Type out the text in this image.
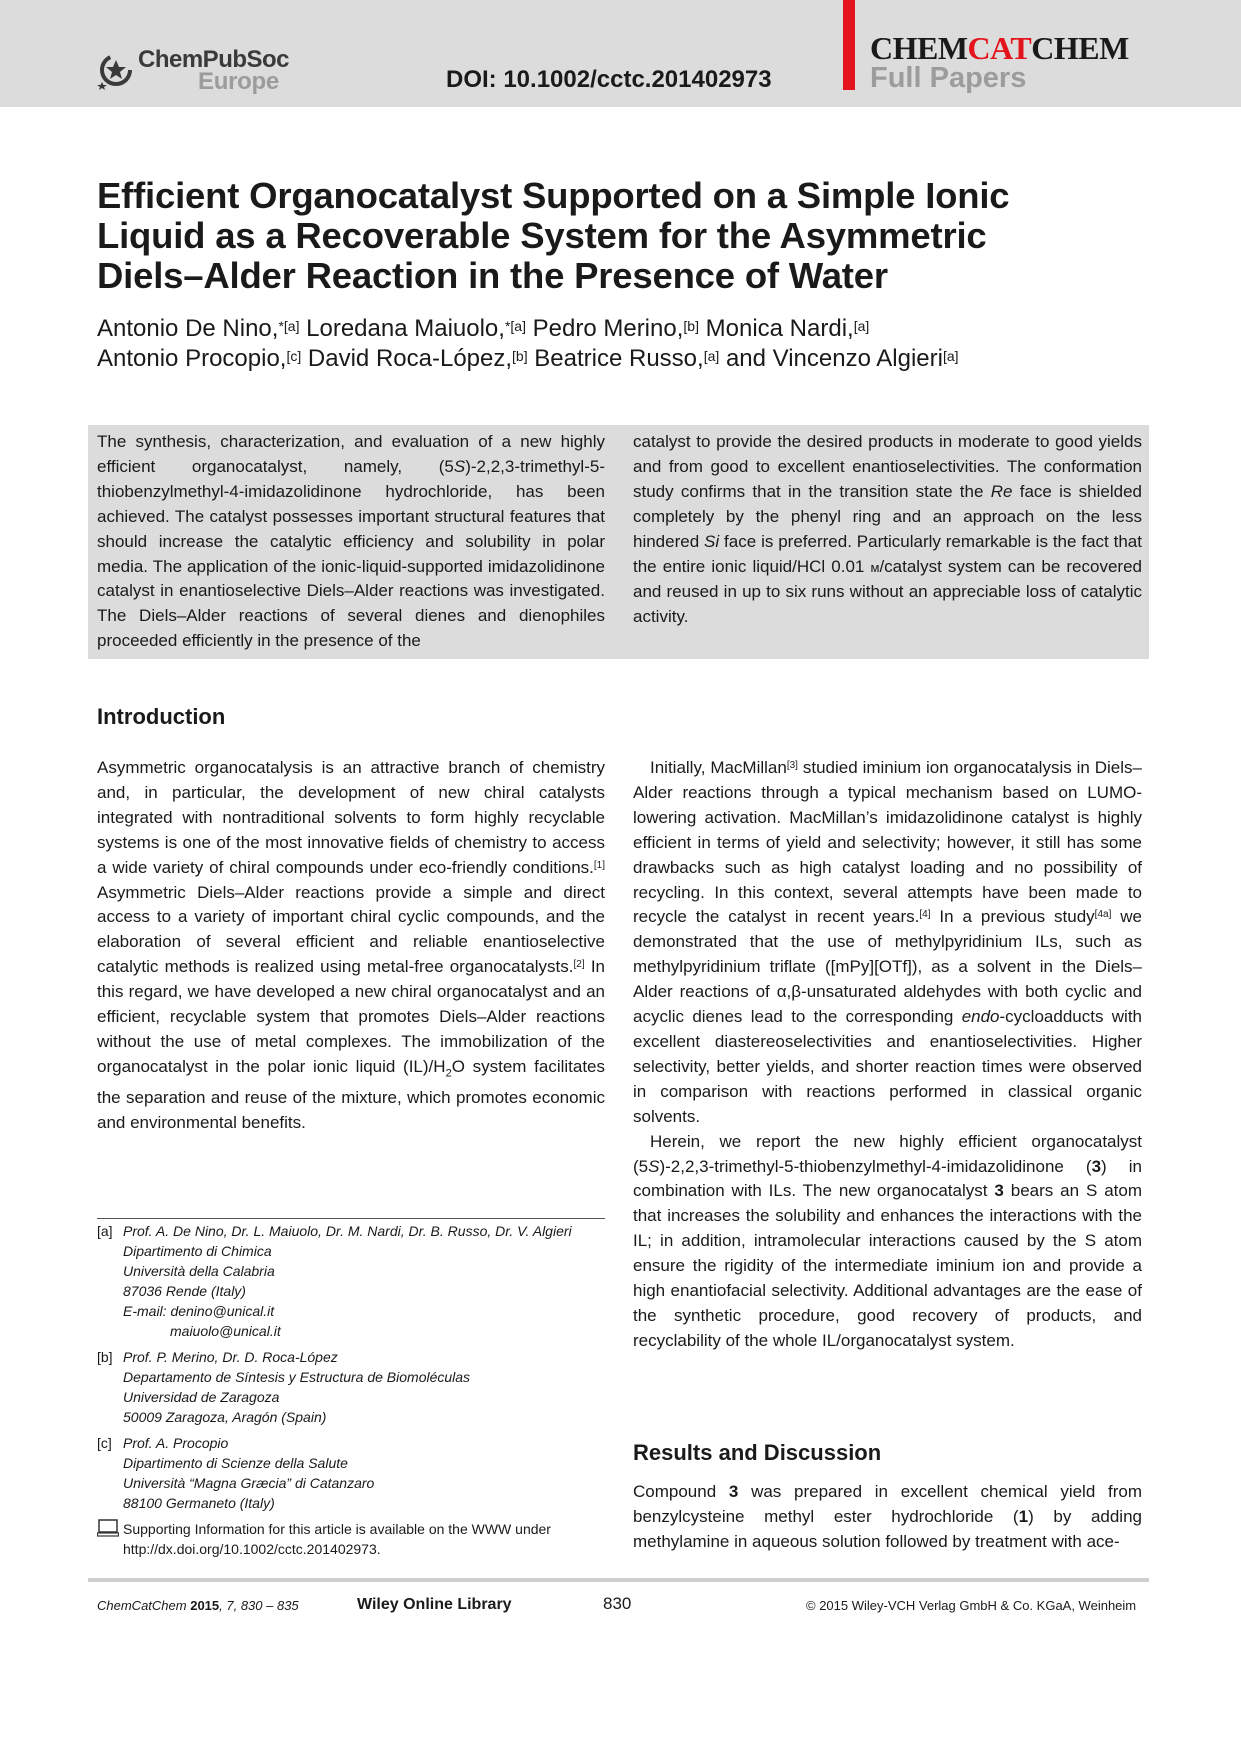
ChemPubSoc
Europe	DOI: 10.1002/cctc.201402973
CHEMCATCHEM
Full Papers
Efficient Organocatalyst Supported on a Simple Ionic
Liquid as a Recoverable System for the Asymmetric
Diels–Alder Reaction in the Presence of Water
Antonio De Nino,$^{*[a]}$ Loredana Maiuolo,$^{*[a]}$ Pedro Merino,[b] Monica Nardi,[a]
Antonio Procopio,[c] David Roca-López,[b] Beatrice Russo,[a] and Vincenzo Algieri[a]

The synthesis, characterization, and evaluation of a new highly efficient organocatalyst, namely, (5S)-2,2,3-trimethyl-5-thiobenzylmethyl-4-imidazolidinone hydrochloride, has been achieved. The catalyst possesses important structural features that should increase the catalytic efficiency and solubility in polar media. The application of the ionic-liquid-supported imidazolidinone catalyst in enantioselective Diels–Alder reactions was investigated. The Diels–Alder reactions of several dienes and dienophiles proceeded efficiently in the presence of the

catalyst to provide the desired products in moderate to good yields and from good to excellent enantioselectivities. The conformation study confirms that in the transition state the Re face is shielded completely by the phenyl ring and an approach on the less hindered Si face is preferred. Particularly remarkable is the fact that the entire ionic liquid/HCl 0.01 м/catalyst system can be recovered and reused in up to six runs without an appreciable loss of catalytic activity.

Introduction

Asymmetric organocatalysis is an attractive branch of chemistry and, in particular, the development of new chiral catalysts integrated with nontraditional solvents to form highly recyclable systems is one of the most innovative fields of chemistry to access a wide variety of chiral compounds under eco-friendly conditions.[1] Asymmetric Diels–Alder reactions provide a simple and direct access to a variety of important chiral cyclic compounds, and the elaboration of several efficient and reliable enantioselective catalytic methods is realized using metal-free organocatalysts.[2] In this regard, we have developed a new chiral organocatalyst and an efficient, recyclable system that promotes Diels–Alder reactions without the use of metal complexes. The immobilization of the organocatalyst in the polar ionic liquid $(IL)/H_2O$ system facilitates the separation and reuse of the mixture, which promotes economic and environmental benefits.

Initially, MacMillan[3] studied iminium ion organocatalysis in Diels–Alder reactions through a typical mechanism based on LUMO-lowering activation. MacMillan’s imidazolidinone catalyst is highly efficient in terms of yield and selectivity; however, it still has some drawbacks such as high catalyst loading and no possibility of recycling. In this context, several attempts have been made to recycle the catalyst in recent years.[4] In a previous study[4a] we demonstrated that the use of methylpyridinium ILs, such as methylpyridinium triflate ([mPy][OTf]), as a solvent in the Diels–Alder reactions of α,β-unsaturated aldehydes with both cyclic and acyclic dienes lead to the corresponding endo-cycloadducts with excellent diastereoselectivities and enantioselectivities. Higher selectivity, better yields, and shorter reaction times were observed in comparison with reactions performed in classical organic solvents.

Herein, we report the new highly efficient organocatalyst (5S)-2,2,3-trimethyl-5-thiobenzylmethyl-4-imidazolidinone (3) in combination with ILs. The new organocatalyst 3 bears an S atom that increases the solubility and enhances the interactions with the IL; in addition, intramolecular interactions caused by the S atom ensure the rigidity of the intermediate iminium ion and provide a high enantiofacial selectivity. Additional advantages are the ease of the synthetic procedure, good recovery of products, and recyclability of the whole IL/organocatalyst system.

[a] Prof. A. De Nino, Dr. L. Maiuolo, Dr. M. Nardi, Dr. B. Russo, Dr. V. Algieri
Dipartimento di Chimica
Università della Calabria
87036 Rende (Italy)
E-mail: denino@unical.it
maiuolo@unical.it
[b] Prof. P. Merino, Dr. D. Roca-López
Departamento de Síntesis y Estructura de Biomoléculas
Universidad de Zaragoza
50009 Zaragoza, Aragón (Spain)
[c] Prof. A. Procopio
Dipartimento di Scienze della Salute
Università “Magna Græcia” di Catanzaro
88100 Germaneto (Italy)
Supporting Information for this article is available on the WWW under http://dx.doi.org/10.1002/cctc.201402973.
Results and Discussion

Compound 3 was prepared in excellent chemical yield from benzylcysteine methyl ester hydrochloride (1) by adding methylamine in aqueous solution followed by treatment with ace-

ChemCatChem 2015, 7, 830 – 835	Wiley Online Library	830	© 2015 Wiley-VCH Verlag GmbH & Co. KGaA, Weinheim
